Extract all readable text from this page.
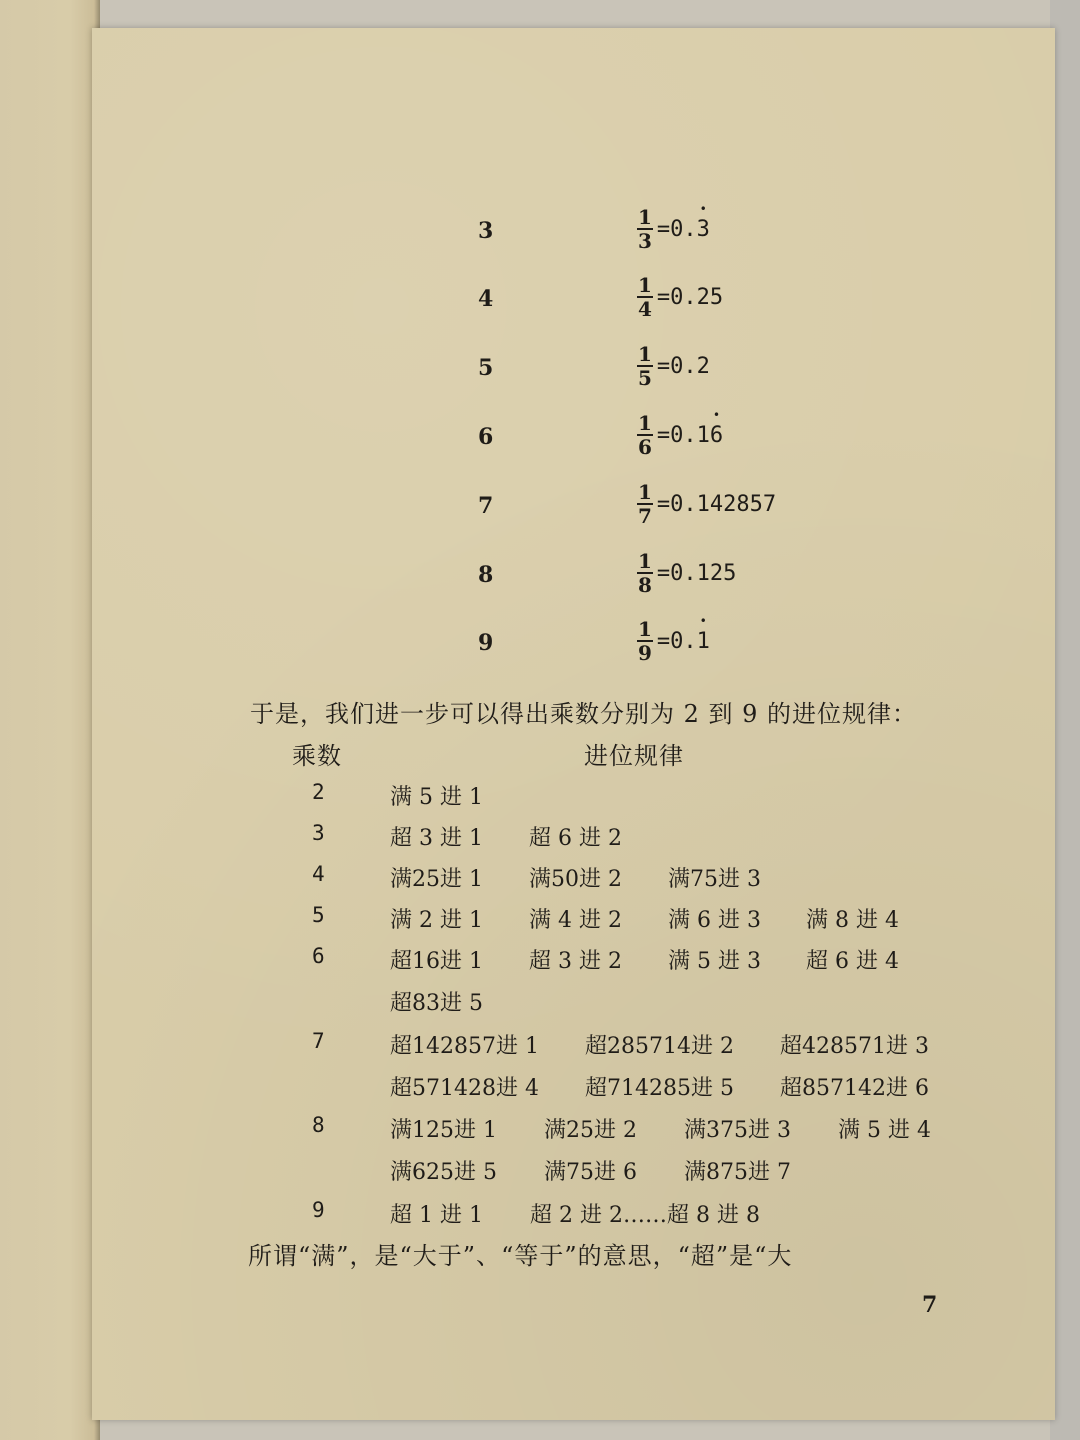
3	$\frac{1}{3}$ =0.• 3
4	$\frac{1}{4} =0.25$
5	$\frac{1}{5} =0.2$
6	$\frac{1}{6}$ =0.1• 6
7	$\frac{1}{7} =0.142857$
8	$\frac{1}{8} =0.125$
9	$\frac{1}{9}$ =0.• 1
于是，我们进一步可以得出乘数分别为 2 到 9 的进位规律：
乘数	进位规律
2	满 5 进 1
3	超 3 进 1 超 6 进 2
4	满25进 1 满50进 2 满75进 3
5	满 2 进 1 满 4 进 2 满 6 进 3 满 8 进 4
6	超16进 1 超 3 进 2 满 5 进 3 超 6 进 4
超83进 5
7	超142857进 1 超285714进 2 超428571进 3
超571428进 4 超714285进 5 超857142进 6
8	满125进 1 满25进 2 满375进 3 满 5 进 4
满625进 5 满75进 6 满875进 7
9	超 1 进 1 超 2 进 2……超 8 进 8
所谓“满”，是“大于”、“等于”的意思，“超”是“大
7
